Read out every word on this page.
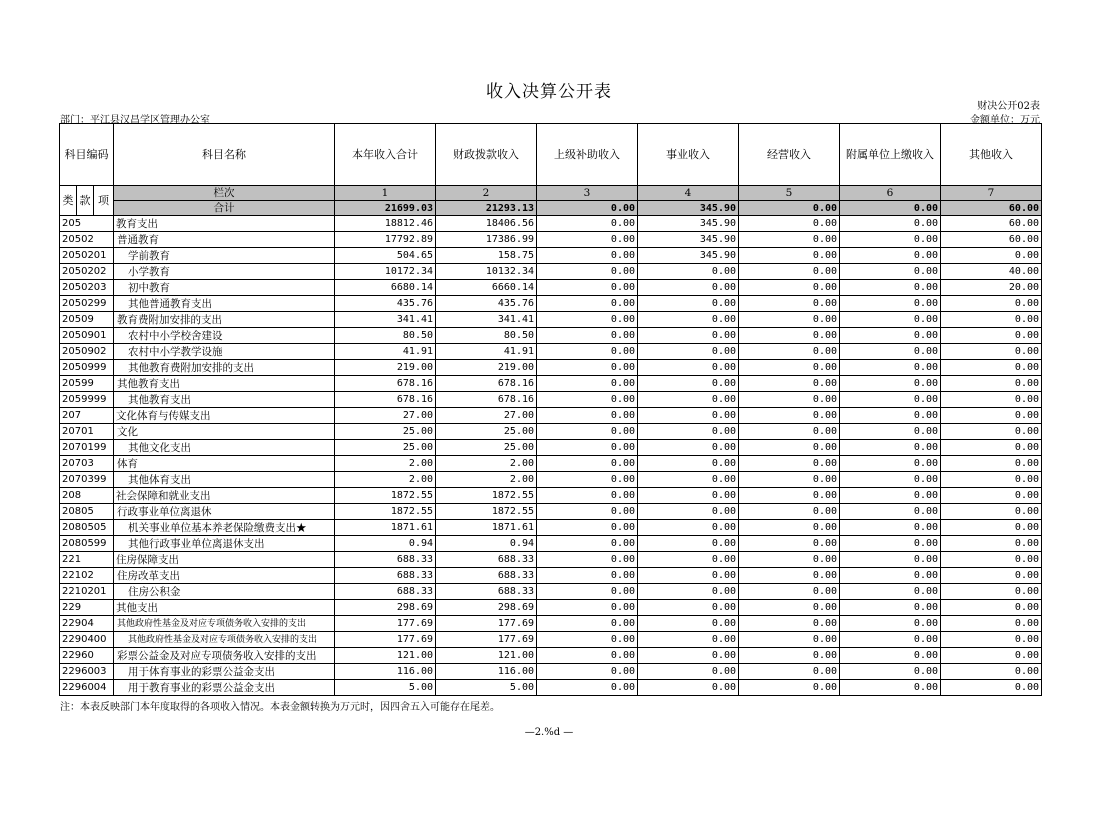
收入决算公开表
财决公开02表
部门：平江县汉昌学区管理办公室	金额单位：万元
科目编码			科目名称	本年收入合计	财政拨款收入	上级补助收入	事业收入	经营收入	附属单位上缴收入	其他收入
类	款	项	栏次	1	2	3	4	5	6	7
			合计	21699.03	21293.13	0.00	345.90	0.00	0.00	60.00
205			教育支出	18812.46	18406.56	0.00	345.90	0.00	0.00	60.00
20502			普通教育	17792.89	17386.99	0.00	345.90	0.00	0.00	60.00
2050201			学前教育	504.65	158.75	0.00	345.90	0.00	0.00	0.00
2050202			小学教育	10172.34	10132.34	0.00	0.00	0.00	0.00	40.00
2050203			初中教育	6680.14	6660.14	0.00	0.00	0.00	0.00	20.00
2050299			其他普通教育支出	435.76	435.76	0.00	0.00	0.00	0.00	0.00
20509			教育费附加安排的支出	341.41	341.41	0.00	0.00	0.00	0.00	0.00
2050901			农村中小学校舍建设	80.50	80.50	0.00	0.00	0.00	0.00	0.00
2050902			农村中小学教学设施	41.91	41.91	0.00	0.00	0.00	0.00	0.00
2050999			其他教育费附加安排的支出	219.00	219.00	0.00	0.00	0.00	0.00	0.00
20599			其他教育支出	678.16	678.16	0.00	0.00	0.00	0.00	0.00
2059999			其他教育支出	678.16	678.16	0.00	0.00	0.00	0.00	0.00
207			文化体育与传媒支出	27.00	27.00	0.00	0.00	0.00	0.00	0.00
20701			文化	25.00	25.00	0.00	0.00	0.00	0.00	0.00
2070199			其他文化支出	25.00	25.00	0.00	0.00	0.00	0.00	0.00
20703			体育	2.00	2.00	0.00	0.00	0.00	0.00	0.00
2070399			其他体育支出	2.00	2.00	0.00	0.00	0.00	0.00	0.00
208			社会保障和就业支出	1872.55	1872.55	0.00	0.00	0.00	0.00	0.00
20805			行政事业单位离退休	1872.55	1872.55	0.00	0.00	0.00	0.00	0.00
2080505			机关事业单位基本养老保险缴费支出★	1871.61	1871.61	0.00	0.00	0.00	0.00	0.00
2080599			其他行政事业单位离退休支出	0.94	0.94	0.00	0.00	0.00	0.00	0.00
221			住房保障支出	688.33	688.33	0.00	0.00	0.00	0.00	0.00
22102			住房改革支出	688.33	688.33	0.00	0.00	0.00	0.00	0.00
2210201			住房公积金	688.33	688.33	0.00	0.00	0.00	0.00	0.00
229			其他支出	298.69	298.69	0.00	0.00	0.00	0.00	0.00
22904			其他政府性基金及对应专项债务收入安排的支出	177.69	177.69	0.00	0.00	0.00	0.00	0.00
2290400			其他政府性基金及对应专项债务收入安排的支出	177.69	177.69	0.00	0.00	0.00	0.00	0.00
22960			彩票公益金及对应专项债务收入安排的支出	121.00	121.00	0.00	0.00	0.00	0.00	0.00
2296003			用于体育事业的彩票公益金支出	116.00	116.00	0.00	0.00	0.00	0.00	0.00
2296004			用于教育事业的彩票公益金支出	5.00	5.00	0.00	0.00	0.00	0.00	0.00
注：本表反映部门本年度取得的各项收入情况。本表金额转换为万元时，因四舍五入可能存在尾差。
—2.%d —
